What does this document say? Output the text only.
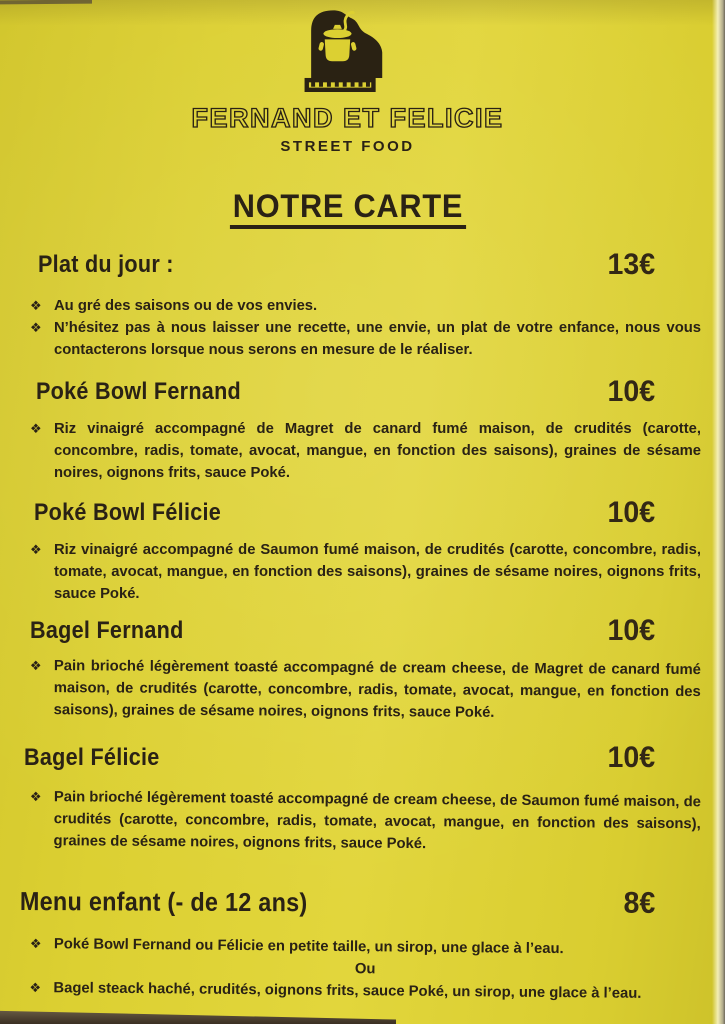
FERNAND ET FELICIE
STREET FOOD
NOTRE CARTE
Plat du jour :	13€
❖ Au gré des saisons ou de vos envies.
❖ N’hésitez pas à nous laisser une recette, une envie, un plat de votre enfance, nous vous contacterons lorsque nous serons en mesure de le réaliser.
Poké Bowl Fernand	10€
❖ Riz vinaigré accompagné de Magret de canard fumé maison, de crudités (carotte, concombre, radis, tomate, avocat, mangue, en fonction des saisons), graines de sésame noires, oignons frits, sauce Poké.
Poké Bowl Félicie	10€
❖ Riz vinaigré accompagné de Saumon fumé maison, de crudités (carotte, concombre, radis, tomate, avocat, mangue, en fonction des saisons), graines de sésame noires, oignons frits, sauce Poké.
Bagel Fernand	10€
❖ Pain brioché légèrement toasté accompagné de cream cheese, de Magret de canard fumé maison, de crudités (carotte, concombre, radis, tomate, avocat, mangue, en fonction des saisons), graines de sésame noires, oignons frits, sauce Poké.
Bagel Félicie	10€
❖ Pain brioché légèrement toasté accompagné de cream cheese, de Saumon fumé maison, de crudités (carotte, concombre, radis, tomate, avocat, mangue, en fonction des saisons), graines de sésame noires, oignons frits, sauce Poké.
Menu enfant (- de 12 ans)	8€
❖ Poké Bowl Fernand ou Félicie en petite taille, un sirop, une glace à l’eau.
Ou
❖ Bagel steack haché, crudités, oignons frits, sauce Poké, un sirop, une glace à l’eau.
